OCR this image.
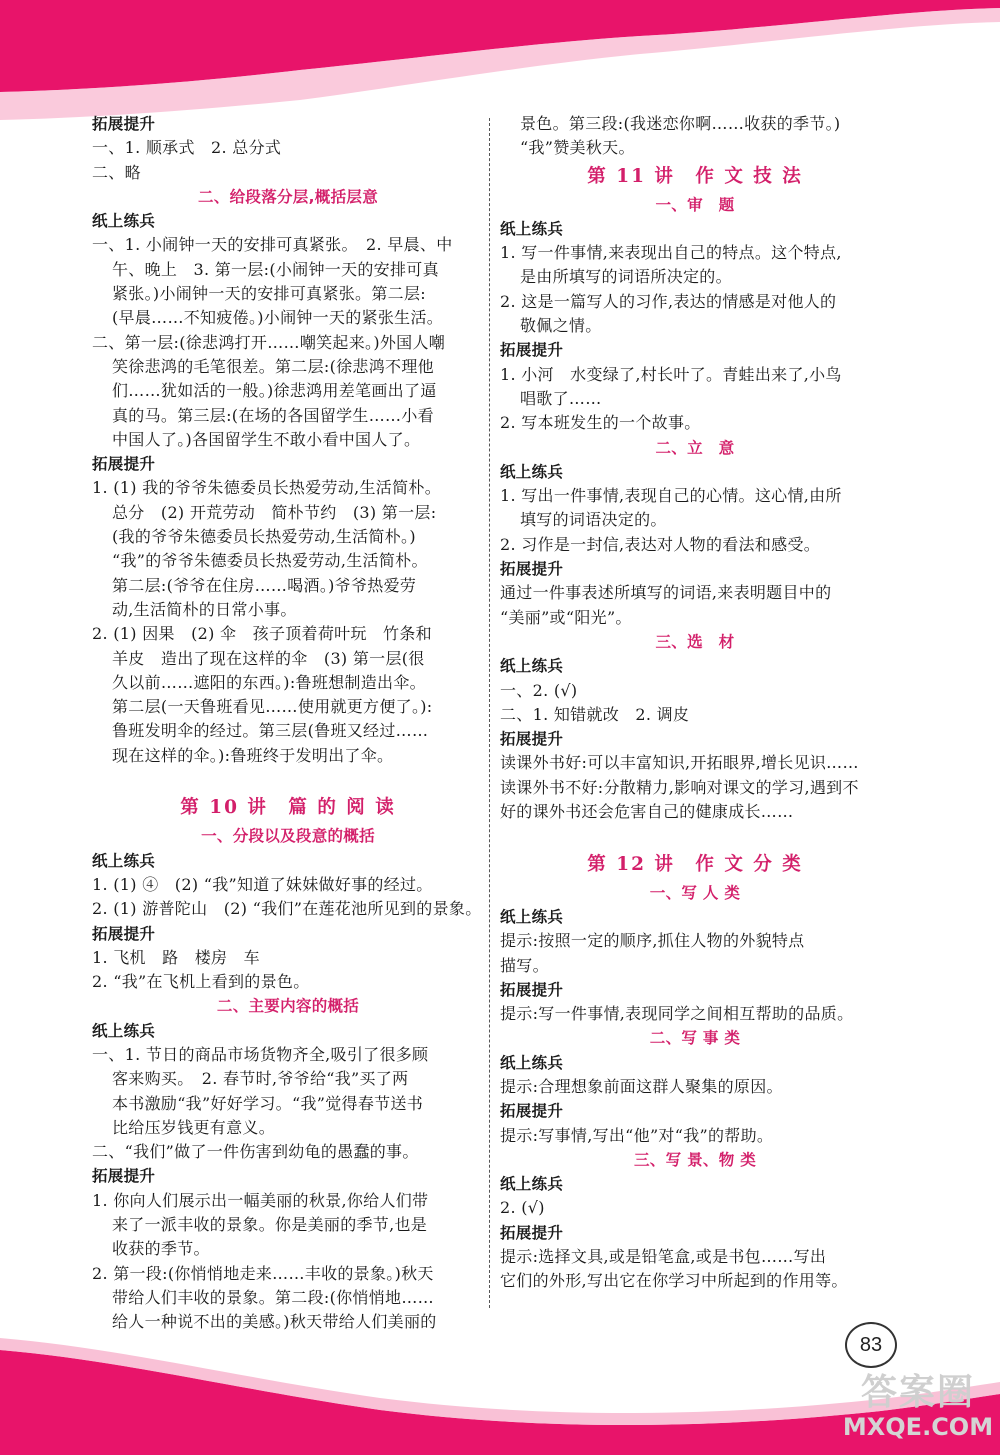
拓展提升
一、1. 顺承式　2. 总分式
二、略
二、给段落分层,概括层意
纸上练兵
一、1. 小闹钟一天的安排可真紧张。　2. 早晨、中
午、晚上　3. 第一层:(小闹钟一天的安排可真
紧张。)小闹钟一天的安排可真紧张。第二层:
(早晨……不知疲倦。)小闹钟一天的紧张生活。
二、第一层:(徐悲鸿打开……嘲笑起来。)外国人嘲
笑徐悲鸿的毛笔很差。第二层:(徐悲鸿不理他
们……犹如活的一般。)徐悲鸿用差笔画出了逼
真的马。第三层:(在场的各国留学生……小看
中国人了。)各国留学生不敢小看中国人了。
拓展提升
1. (1) 我的爷爷朱德委员长热爱劳动,生活简朴。
总分　(2) 开荒劳动　简朴节约　(3) 第一层:
(我的爷爷朱德委员长热爱劳动,生活简朴。)
“我”的爷爷朱德委员长热爱劳动,生活简朴。
第二层:(爷爷在住房……喝酒。)爷爷热爱劳
动,生活简朴的日常小事。
2. (1) 因果　(2) 伞　孩子顶着荷叶玩　竹条和
羊皮　造出了现在这样的伞　(3) 第一层(很
久以前……遮阳的东西。):鲁班想制造出伞。
第二层(一天鲁班看见……使用就更方便了。):
鲁班发明伞的经过。第三层(鲁班又经过……
现在这样的伞。):鲁班终于发明出了伞。

第 10 讲　篇 的 阅 读
一、分段以及段意的概括
纸上练兵
1. (1) ④　(2) “我”知道了妹妹做好事的经过。
2. (1) 游普陀山　(2) “我们”在莲花池所见到的景象。
拓展提升
1. 飞机　路　楼房　车
2. “我”在飞机上看到的景色。
二、主要内容的概括
纸上练兵
一、1. 节日的商品市场货物齐全,吸引了很多顾
客来购买。　2. 春节时,爷爷给“我”买了两
本书激励“我”好好学习。“我”觉得春节送书
比给压岁钱更有意义。
二、“我们”做了一件伤害到幼龟的愚蠢的事。
拓展提升
1. 你向人们展示出一幅美丽的秋景,你给人们带
来了一派丰收的景象。你是美丽的季节,也是
收获的季节。
2. 第一段:(你悄悄地走来……丰收的景象。)秋天
带给人们丰收的景象。第二段:(你悄悄地……
给人一种说不出的美感。)秋天带给人们美丽的
景色。第三段:(我迷恋你啊……收获的季节。)
“我”赞美秋天。
第 11 讲　作 文 技 法
一、审　题
纸上练兵
1. 写一件事情,来表现出自己的特点。这个特点,
是由所填写的词语所决定的。
2. 这是一篇写人的习作,表达的情感是对他人的
敬佩之情。
拓展提升
1. 小河　水变绿了,村长叶了。青蛙出来了,小鸟
唱歌了……
2. 写本班发生的一个故事。
二、立　意
纸上练兵
1. 写出一件事情,表现自己的心情。这心情,由所
填写的词语决定的。
2. 习作是一封信,表达对人物的看法和感受。
拓展提升
通过一件事表述所填写的词语,来表明题目中的
“美丽”或“阳光”。
三、选　材
纸上练兵
一、2. (√)
二、1. 知错就改　2. 调皮
拓展提升
读课外书好:可以丰富知识,开拓眼界,增长见识……
读课外书不好:分散精力,影响对课文的学习,遇到不
好的课外书还会危害自己的健康成长……

第 12 讲　作 文 分 类
一、写 人 类
纸上练兵
提示:按照一定的顺序,抓住人物的外貌特点
描写。
拓展提升
提示:写一件事情,表现同学之间相互帮助的品质。
二、写 事 类
纸上练兵
提示:合理想象前面这群人聚集的原因。
拓展提升
提示:写事情,写出“他”对“我”的帮助。
三、写 景、物 类
纸上练兵
2. (√)
拓展提升
提示:选择文具,或是铅笔盒,或是书包……写出
它们的外形,写出它在你学习中所起到的作用等。
83
答案圈
MXQE.COM
